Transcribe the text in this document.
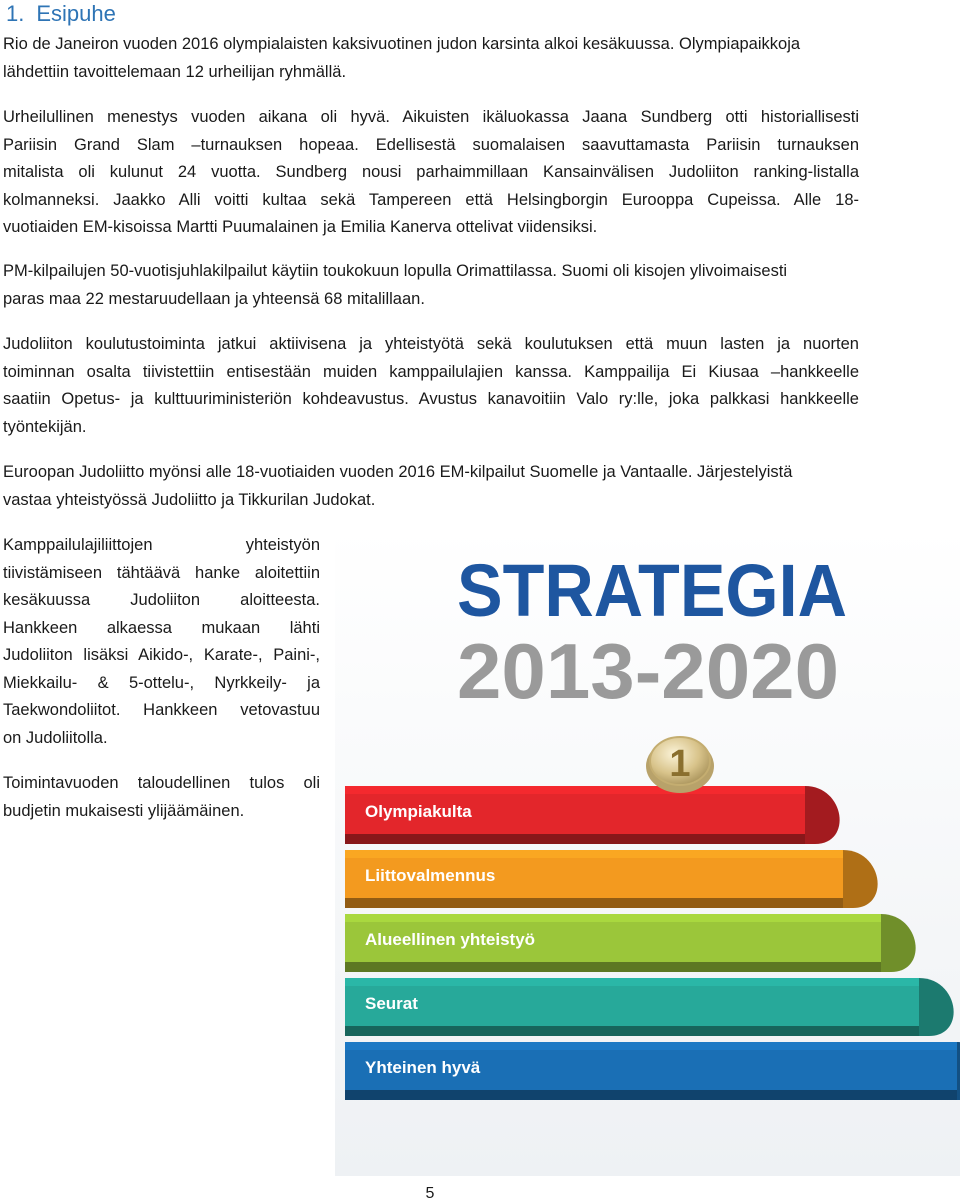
1. Esipuhe
Rio de Janeiron vuoden 2016 olympialaisten kaksivuotinen judon karsinta alkoi kesäkuussa. Olympiapaikkoja
lähdettiin tavoittelemaan 12 urheilijan ryhmällä.
Urheilullinen menestys vuoden aikana oli hyvä. Aikuisten ikäluokassa Jaana Sundberg otti historiallisesti
Pariisin Grand Slam –turnauksen hopeaa. Edellisestä suomalaisen saavuttamasta Pariisin turnauksen
mitalista oli kulunut 24 vuotta. Sundberg nousi parhaimmillaan Kansainvälisen Judoliiton ranking-listalla
kolmanneksi. Jaakko Alli voitti kultaa sekä Tampereen että Helsingborgin Eurooppa Cupeissa. Alle 18-
vuotiaiden EM-kisoissa Martti Puumalainen ja Emilia Kanerva ottelivat viidensiksi.
PM-kilpailujen 50-vuotisjuhlakilpailut käytiin toukokuun lopulla Orimattilassa. Suomi oli kisojen ylivoimaisesti
paras maa 22 mestaruudellaan ja yhteensä 68 mitalillaan.
Judoliiton koulutustoiminta jatkui aktiivisena ja yhteistyötä sekä koulutuksen että muun lasten ja nuorten
toiminnan osalta tiivistettiin entisestään muiden kamppailulajien kanssa. Kamppailija Ei Kiusaa –hankkeelle
saatiin Opetus- ja kulttuuriministeriön kohdeavustus. Avustus kanavoitiin Valo ry:lle, joka palkkasi hankkeelle
työntekijän.
Euroopan Judoliitto myönsi alle 18-vuotiaiden vuoden 2016 EM-kilpailut Suomelle ja Vantaalle. Järjestelyistä
vastaa yhteistyössä Judoliitto ja Tikkurilan Judokat.
Kamppailulajiliittojen yhteistyön
tiivistämiseen tähtäävä hanke aloitettiin
kesäkuussa Judoliiton aloitteesta.
Hankkeen alkaessa mukaan lähti
Judoliiton lisäksi Aikido-, Karate-, Paini-,
Miekkailu- & 5-ottelu-, Nyrkkeily- ja
Taekwondoliitot. Hankkeen vetovastuu
on Judoliitolla.
Toimintavuoden taloudellinen tulos oli
budjetin mukaisesti ylijäämäinen.
STRATEGIA
2013-2020
Yhteinen hyvä
Seurat
Alueellinen yhteistyö
Liittovalmennus
Olympiakulta
1
5
